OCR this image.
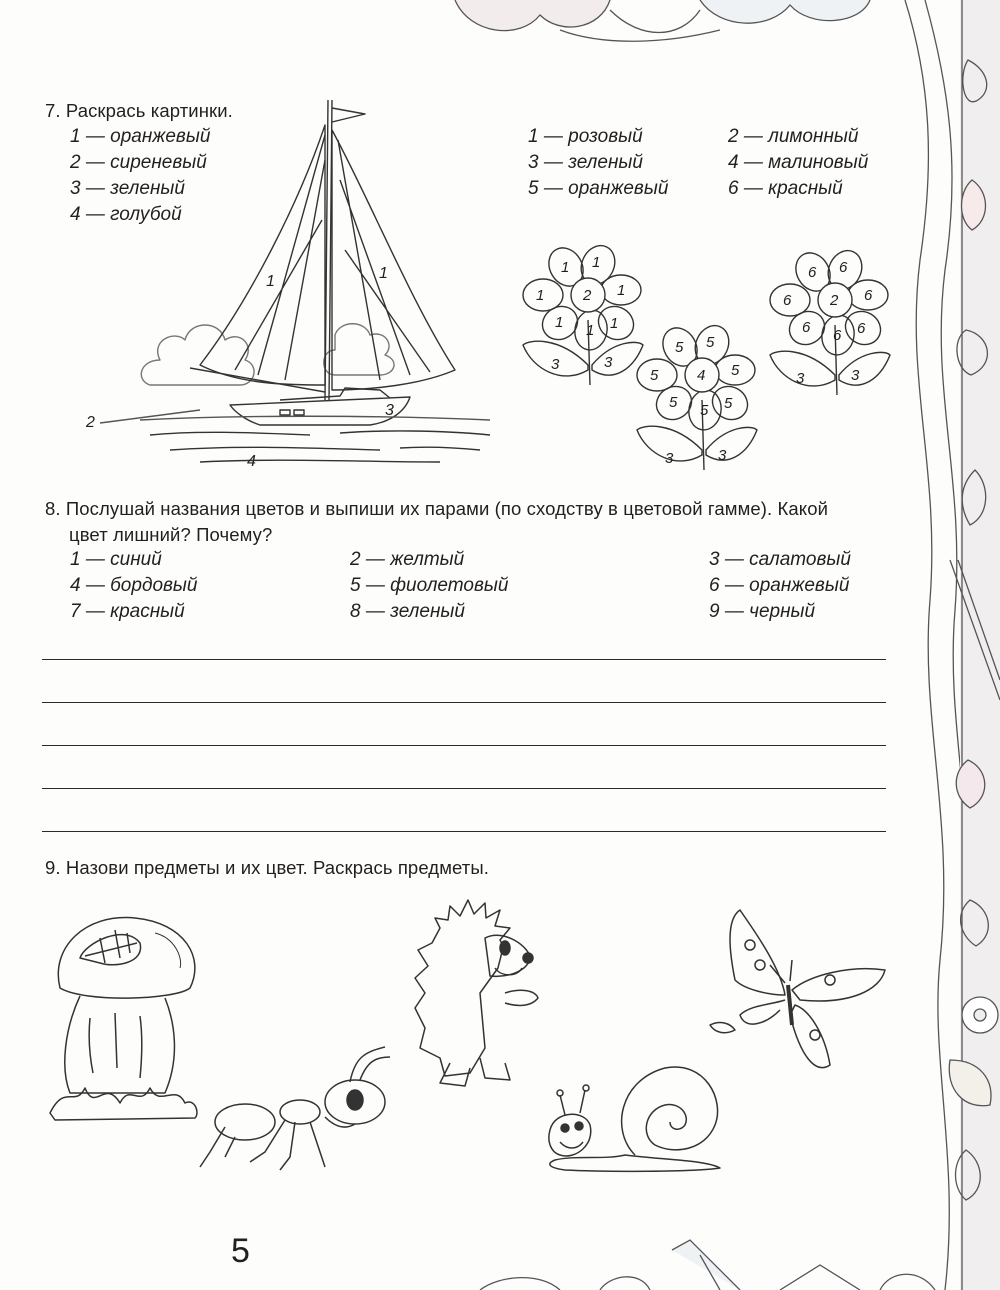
7. Раскрась картинки.
1 — оранжевый
2 — сиреневый
3 — зеленый
4 — голубой
1 — розовый	2 — лимонный
3 — зеленый	4 — малиновый
5 — оранжевый	6 — красный
1	1
2
3
4
1 1
1
1
1
1
1	2
3	3
5 5
5
5
5
5
5	4
3	3
6 6
6
6
6
6
6	2
3	3
8. Послушай названия цветов и выпиши их парами (по сходству в цветовой гамме). Какой
цвет лишний? Почему?
1 — синий	2 — желтый	3 — салатовый
4 — бордовый	5 — фиолетовый	6 — оранжевый
7 — красный	8 — зеленый	9 — черный
9. Назови предметы и их цвет. Раскрась предметы.
5
